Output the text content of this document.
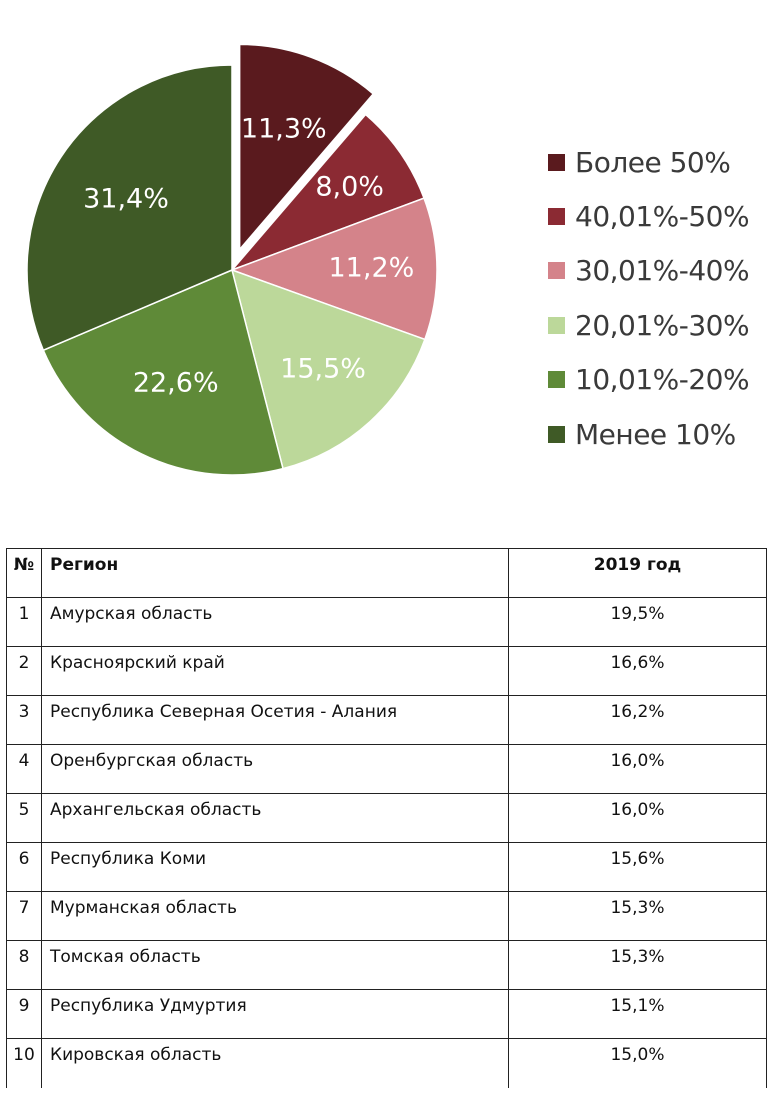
11,3%
8,0%
11,2%
15,5%
22,6%
31,4%
Более 50%
40,01%-50%
30,01%-40%
20,01%-30%
10,01%-20%
Менее 10%
№	Регион	2019 год
1	Амурская область	19,5%
2	Красноярский край	16,6%
3	Республика Северная Осетия - Алания	16,2%
4	Оренбургская область	16,0%
5	Архангельская область	16,0%
6	Республика Коми	15,6%
7	Мурманская область	15,3%
8	Томская область	15,3%
9	Республика Удмуртия	15,1%
10	Кировская область	15,0%
